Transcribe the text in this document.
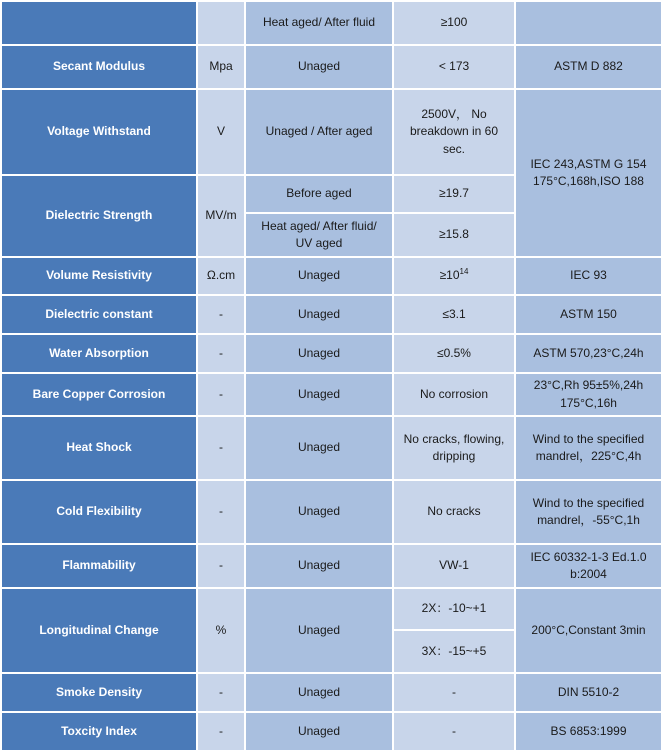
		Heat aged/ After fluid	≥100	
Secant Modulus	Mpa	Unaged	< 173	ASTM D 882
Voltage Withstand	V	Unaged / After aged	2500V， No
breakdown in 60
sec.	IEC 243,ASTM G 154
175°C,168h,ISO 188
Dielectric Strength	MV/m	Before aged	≥19.7	
		Heat aged/ After fluid/
UV aged	≥15.8	
Volume Resistivity	Ω.cm	Unaged	$\ge 10^{14}$	IEC 93
Dielectric constant	-	Unaged	≤3.1	ASTM 150
Water Absorption	-	Unaged	≤0.5%	ASTM 570,23°C,24h
Bare Copper Corrosion	-	Unaged	No corrosion	23°C,Rh 95±5%,24h
175°C,16h
Heat Shock	-	Unaged	No cracks, flowing,
dripping	Wind to the specified
mandrel，225°C,4h
Cold Flexibility	-	Unaged	No cracks	Wind to the specified
mandrel，-55°C,1h
Flammability	-	Unaged	VW-1	IEC 60332-1-3 Ed.1.0
b:2004
Longitudinal Change	%	Unaged	2X：-10~+1	200°C,Constant 3min
			3X：-15~+5	
Smoke Density	-	Unaged	-	DIN 5510-2
Toxcity Index	-	Unaged	-	BS 6853:1999
